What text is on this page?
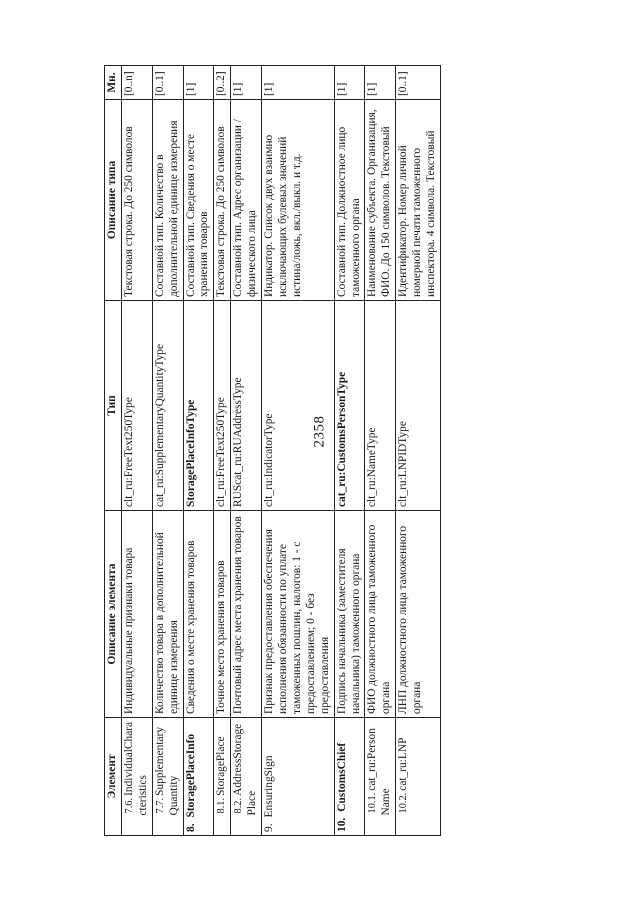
2358
Элемент		Описание элемента	Тип	Описание типа	Мн.
	7.6.IndividualCharacteristics	Индивидуальные признаки товара	clt_ru:FreeText250Type	Текстовая строка. До 250 символов	[0..n]
	7.7.SupplementaryQuantity	Количество товара в дополнительной единице измерения	cat_ru:SupplementaryQuantityType	Составной тип. Количество в дополнительной единице измерения	[0..1]
8.StoragePlaceInfo		Сведения о месте хранения товаров	StoragePlaceInfoType	Составной тип. Сведения о месте хранения товаров	[1]
	8.1.StoragePlace	Точное место хранения товаров	clt_ru:FreeText250Type	Текстовая строка. До 250 символов	[0..2]
	8.2.AddressStoragePlace	Почтовый адрес места хранения товаров	RUScat_ru:RUAddressType	Составной тип. Адрес организации / физического лица	[1]
9.EnsuringSign		Признак предоставления обеспечения исполнения обязанности по уплате таможенных пошлин, налогов: 1 - с предоставлением; 0 - без предоставления	clt_ru:IndicatorType	Индикатор. Список двух взаимно исключающих булевых значений истина/ложь, вкл./выкл. и т.д.	[1]
10.CustomsChief		Подпись начальника (заместителя начальника) таможенного органа	cat_ru:CustomsPersonType	Составной тип. Должностное лицо таможенного органа	[1]
	10.1.cat_ru:PersonName	ФИО должностного лица таможенного органа	clt_ru:NameType	Наименование субъекта. Организация, ФИО. До 150 символов. Текстовый	[1]
	10.2.cat_ru:LNP	ЛНП должностного лица таможенного органа	clt_ru:LNPIDType	Идентификатор. Номер личной номерной печати таможенного инспектора. 4 символа. Текстовый	[0..1]
